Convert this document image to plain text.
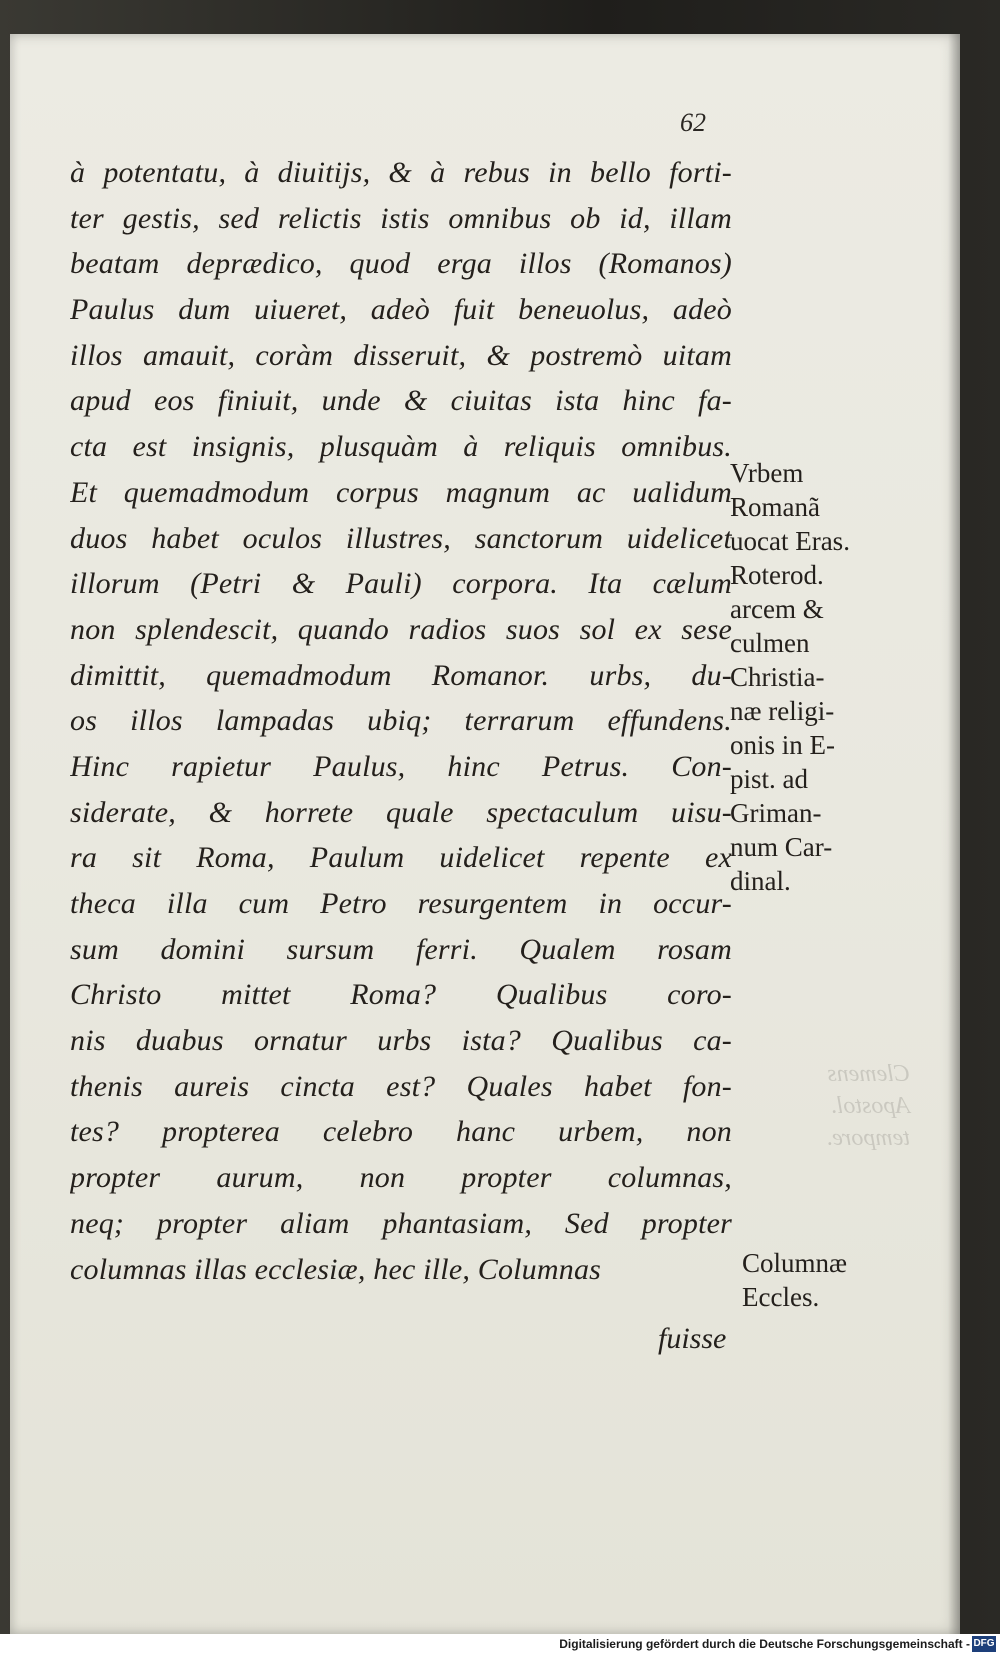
62
à potentatu, à diuitijs, & à rebus in bello forti-
ter gestis, sed relictis istis omnibus ob id, illam
beatam deprædico, quod erga illos (Romanos)
Paulus dum uiueret, adeò fuit beneuolus, adeò
illos amauit, coràm disseruit, & postremò uitam
apud eos finiuit, unde & ciuitas ista hinc fa-
cta est insignis, plusquàm à reliquis omnibus.
Et quemadmodum corpus magnum ac ualidum
duos habet oculos illustres, sanctorum uidelicet
illorum (Petri & Pauli) corpora. Ita cælum
non splendescit, quando radios suos sol ex sese
dimittit, quemadmodum Romanor. urbs, du-
os illos lampadas ubiq; terrarum effundens.
Hinc rapietur Paulus, hinc Petrus. Con-
siderate, & horrete quale spectaculum uisu-
ra sit Roma, Paulum uidelicet repente ex
theca illa cum Petro resurgentem in occur-
sum domini sursum ferri. Qualem rosam
Christo mittet Roma? Qualibus coro-
nis duabus ornatur urbs ista? Qualibus ca-
thenis aureis cincta est? Quales habet fon-
tes? propterea celebro hanc urbem, non
propter aurum, non propter columnas,
neq; propter aliam phantasiam, Sed propter
columnas illas ecclesiæ, hec ille, Columnas
fuisse
Vrbem
Romanã
uocat Eras.
Roterod.
arcem &
culmen
Christia-
næ religi-
onis in E-
pist. ad
Griman-
num Car-
dinal.
Columnæ
Eccles.
Clemens
Apostol.
tempore.
Digitalisierung gefördert durch die Deutsche Forschungsgemeinschaft - DFG
